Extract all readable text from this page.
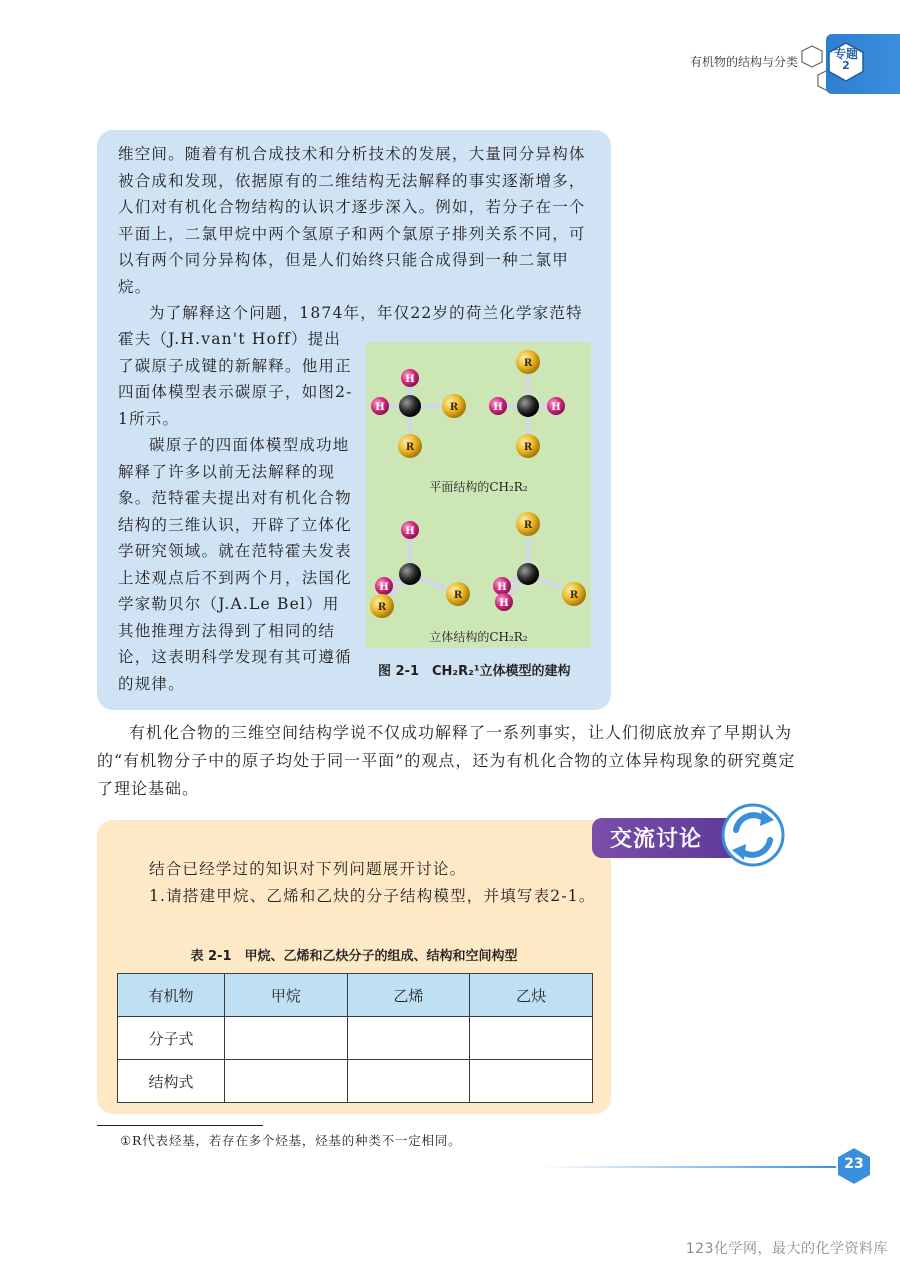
有机物的结构与分类
专题
2

维空间。随着有机合成技术和分析技术的发展，大量同分异构体被合成和发现，依据原有的二维结构无法解释的事实逐渐增多，人们对有机化合物结构的认识才逐步深入。例如，若分子在一个平面上，二氯甲烷中两个氢原子和两个氯原子排列关系不同，可以有两个同分异构体，但是人们始终只能合成得到一种二氯甲烷。

为了解释这个问题，1874年，年仅22岁的荷兰化学家范特

霍夫（J.H.van't Hoff）提出了碳原子成键的新解释。他用正四面体模型表示碳原子，如图2-1所示。

碳原子的四面体模型成功地解释了许多以前无法解释的现象。范特霍夫提出对有机化合物结构的三维认识，开辟了立体化学研究领域。就在范特霍夫发表上述观点后不到两个月，法国化学家勒贝尔（J.A.Le Bel）用其他推理方法得到了相同的结论，这表明科学发现有其可遵循的规律。

H
H	R
R
R
H	H
R
H
H
R
R
R
H
R
H
平面结构的CH₂R₂
立体结构的CH₂R₂
图 2-1　CH₂R₂¹立体模型的建构

有机化合物的三维空间结构学说不仅成功解释了一系列事实，让人们彻底放弃了早期认为的“有机物分子中的原子均处于同一平面”的观点，还为有机化合物的立体异构现象的研究奠定了理论基础。

交流讨论

结合已经学过的知识对下列问题展开讨论。

1.请搭建甲烷、乙烯和乙炔的分子结构模型，并填写表2-1。

表 2-1　甲烷、乙烯和乙炔分子的组成、结构和空间构型
有机物	甲烷	乙烯	乙炔
分子式			
结构式			
①R代表烃基，若存在多个烃基，烃基的种类不一定相同。
23
123化学网，最大的化学资料库
